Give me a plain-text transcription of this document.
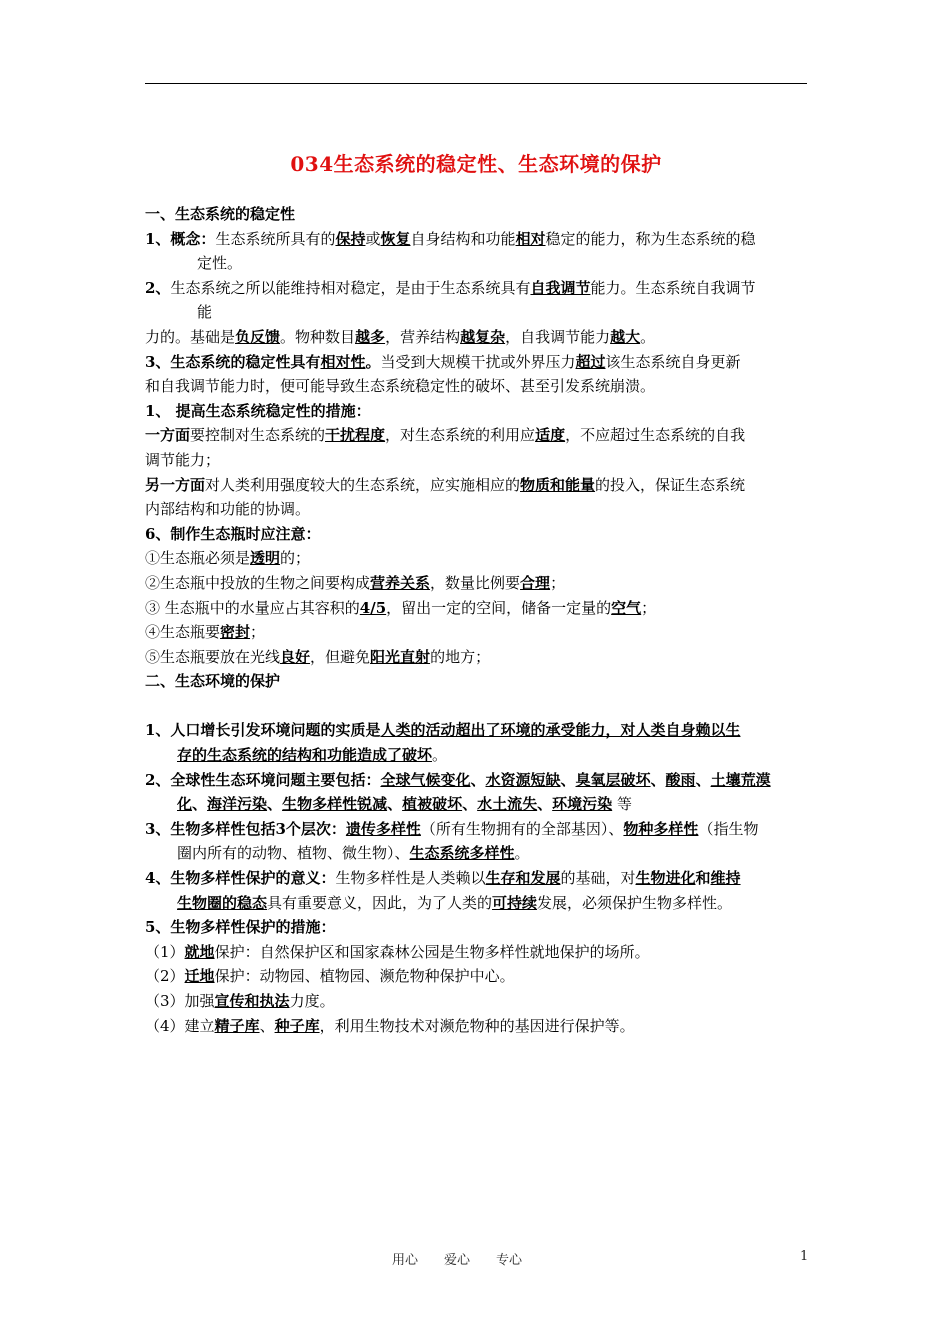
034生态系统的稳定性、生态环境的保护
一、生态系统的稳定性
1、概念：生态系统所具有的保持或恢复自身结构和功能相对稳定的能力，称为生态系统的稳
定性。
2、生态系统之所以能维持相对稳定，是由于生态系统具有自我调节能力。生态系统自我调节
能
力的。基础是负反馈。物种数目越多，营养结构越复杂，自我调节能力越大。
3、生态系统的稳定性具有相对性。当受到大规模干扰或外界压力超过该生态系统自身更新
和自我调节能力时，便可能导致生态系统稳定性的破坏、甚至引发系统崩溃。
1、 提高生态系统稳定性的措施：
一方面要控制对生态系统的干扰程度，对生态系统的利用应适度，不应超过生态系统的自我
调节能力；
另一方面对人类利用强度较大的生态系统，应实施相应的物质和能量的投入，保证生态系统
内部结构和功能的协调。
6、制作生态瓶时应注意：
①生态瓶必须是透明的；
②生态瓶中投放的生物之间要构成营养关系，数量比例要合理；
③ 生态瓶中的水量应占其容积的4/5，留出一定的空间，储备一定量的空气；
④生态瓶要密封；
⑤生态瓶要放在光线良好，但避免阳光直射的地方；
二、生态环境的保护
1、人口增长引发环境问题的实质是人类的活动超出了环境的承受能力，对人类自身赖以生
存的生态系统的结构和功能造成了破坏。
2、全球性生态环境问题主要包括：全球气候变化、水资源短缺、臭氧层破坏、酸雨、土壤荒漠
化、海洋污染、生物多样性锐减、植被破坏、水土流失、环境污染 等
3、生物多样性包括3个层次：遗传多样性（所有生物拥有的全部基因）、物种多样性（指生物
圈内所有的动物、植物、微生物）、生态系统多样性。
4、生物多样性保护的意义：生物多样性是人类赖以生存和发展的基础，对生物进化和维持
生物圈的稳态具有重要意义，因此，为了人类的可持续发展，必须保护生物多样性。
5、生物多样性保护的措施：
（1）就地保护：自然保护区和国家森林公园是生物多样性就地保护的场所。
（2）迁地保护：动物园、植物园、濒危物种保护中心。
（3）加强宣传和执法力度。
（4）建立精子库、种子库，利用生物技术对濒危物种的基因进行保护等。
用心　　爱心　　专心	1
